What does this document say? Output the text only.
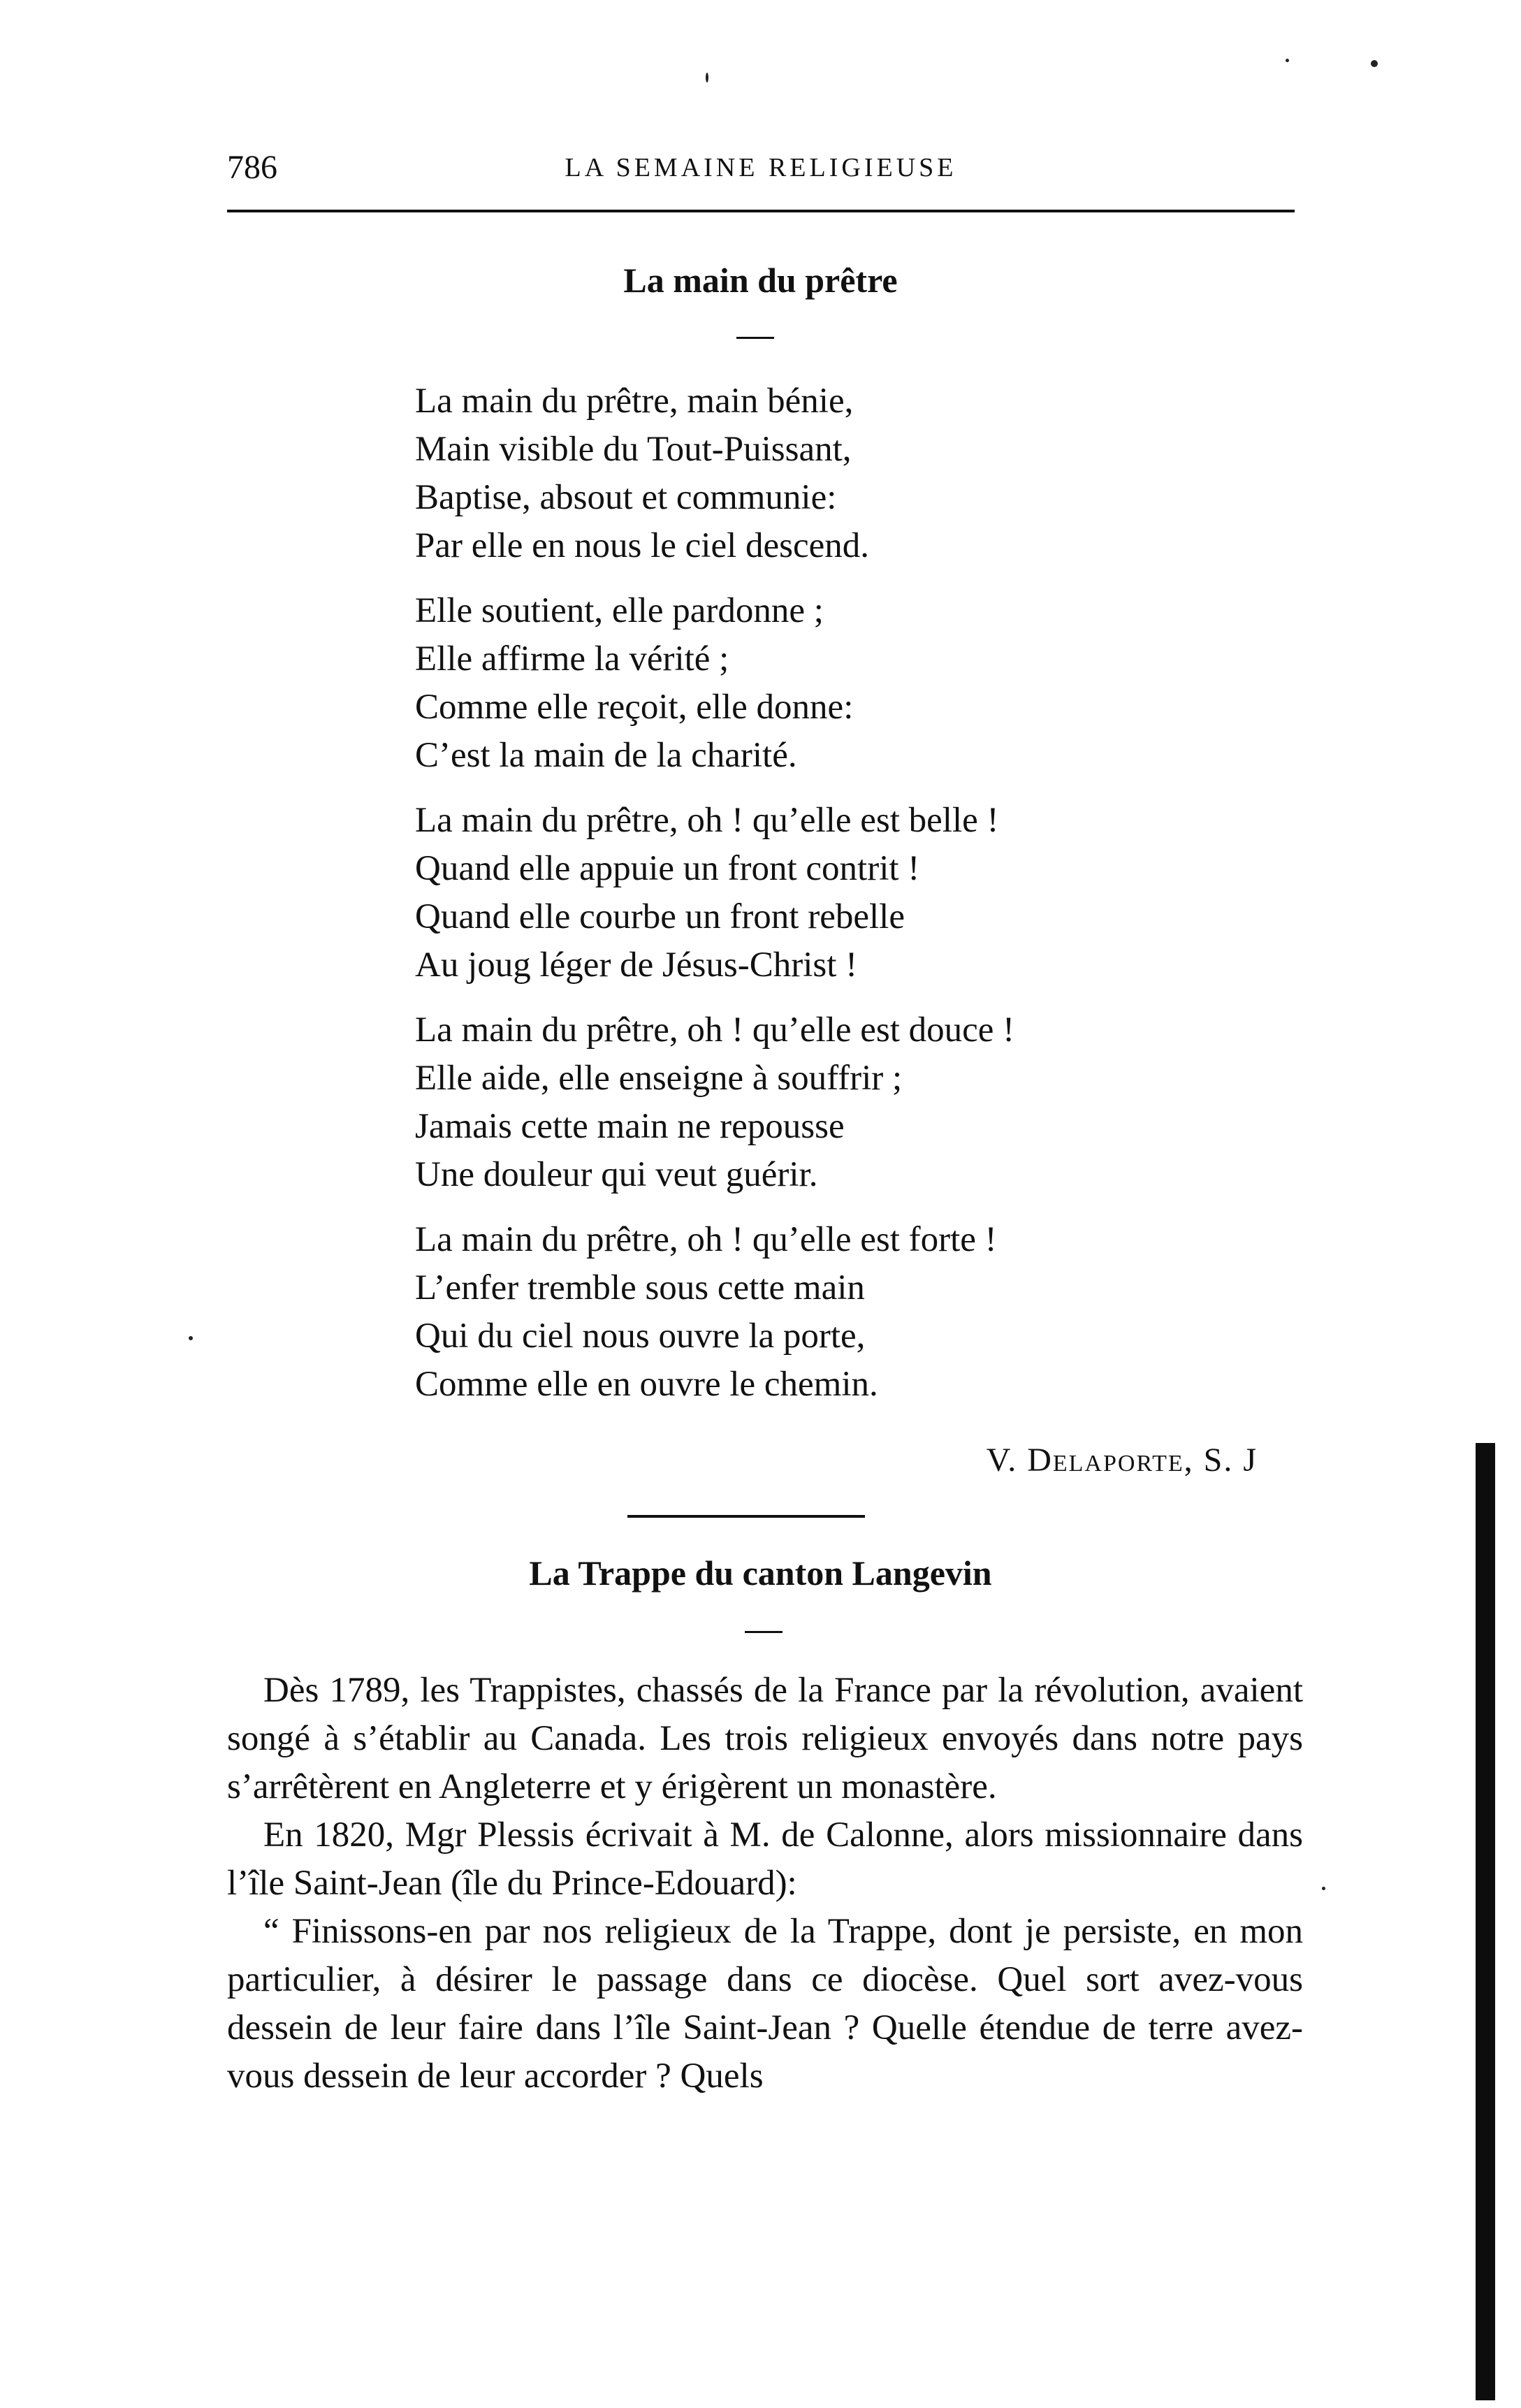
786	LA SEMAINE RELIGIEUSE
La main du prêtre
La main du prêtre, main bénie,
Main visible du Tout-Puissant,
Baptise, absout et communie:
Par elle en nous le ciel descend.
Elle soutient, elle pardonne ;
Elle affirme la vérité ;
Comme elle reçoit, elle donne:
C’est la main de la charité.
La main du prêtre, oh ! qu’elle est belle !
Quand elle appuie un front contrit !
Quand elle courbe un front rebelle
Au joug léger de Jésus-Christ !
La main du prêtre, oh ! qu’elle est douce !
Elle aide, elle enseigne à souffrir ;
Jamais cette main ne repousse
Une douleur qui veut guérir.
La main du prêtre, oh ! qu’elle est forte !
L’enfer tremble sous cette main
Qui du ciel nous ouvre la porte,
Comme elle en ouvre le chemin.
V. Delaporte, S. J
La Trappe du canton Langevin

Dès 1789, les Trappistes, chassés de la France par la révolution, avaient songé à s’établir au Canada. Les trois religieux envoyés dans notre pays s’arrêtèrent en Angleterre et y érigèrent un monastère.

En 1820, Mgr Plessis écrivait à M. de Calonne, alors missionnaire dans l’île Saint-Jean (île du Prince-Edouard):

“ Finissons-en par nos religieux de la Trappe, dont je persiste, en mon particulier, à désirer le passage dans ce diocèse. Quel sort avez-vous dessein de leur faire dans l’île Saint-Jean ? Quelle étendue de terre avez-vous dessein de leur accorder ? Quels
